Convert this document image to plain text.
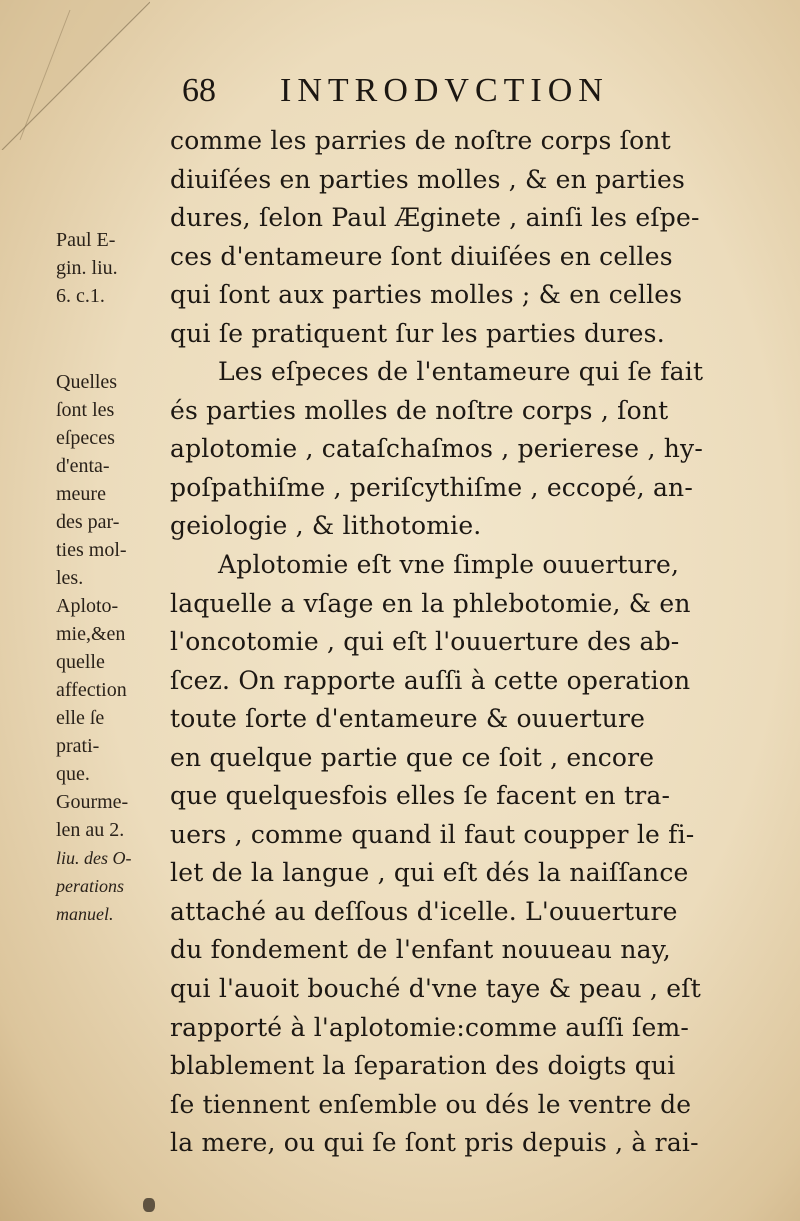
68 INTRODVCTION
comme les parries de noſtre corps ſont
diuiſées en parties molles , & en parties
dures, ſelon Paul Æginete , ainſi les eſpe-
ces d'entameure ſont diuiſées en celles
qui ſont aux parties molles ; & en celles
qui ſe pratiquent ſur les parties dures.
Les eſpeces de l'entameure qui ſe fait
és parties molles de noſtre corps , ſont
aplotomie , cataſchaſmos , perierese , hy-
poſpathiſme , periſcythiſme , eccopé, an-
geiologie , & lithotomie.
Aplotomie eſt vne ſimple ouuerture,
laquelle a vſage en la phlebotomie, & en
l'oncotomie , qui eſt l'ouuerture des ab-
ſcez. On rapporte auſſi à cette operation
toute ſorte d'entameure & ouuerture
en quelque partie que ce ſoit , encore
que quelquesfois elles ſe facent en tra-
uers , comme quand il faut coupper le fi-
let de la langue , qui eſt dés la naiſſance
attaché au deſſous d'icelle. L'ouuerture
du fondement de l'enfant nouueau nay,
qui l'auoit bouché d'vne taye & peau , eſt
rapporté à l'aplotomie:comme auſſi ſem-
blablement la ſeparation des doigts qui
ſe tiennent enſemble ou dés le ventre de
la mere, ou qui ſe ſont pris depuis , à rai-
Paul E-
gin. liu.
6. c.1.
Quelles
ſont les
eſpeces
d'enta-
meure
des par-
ties mol-
les.
Aploto-
mie,&en
quelle
affection
elle ſe
prati-
que.
Gourme-
len au 2.
liu. des O-
perations
manuel.
